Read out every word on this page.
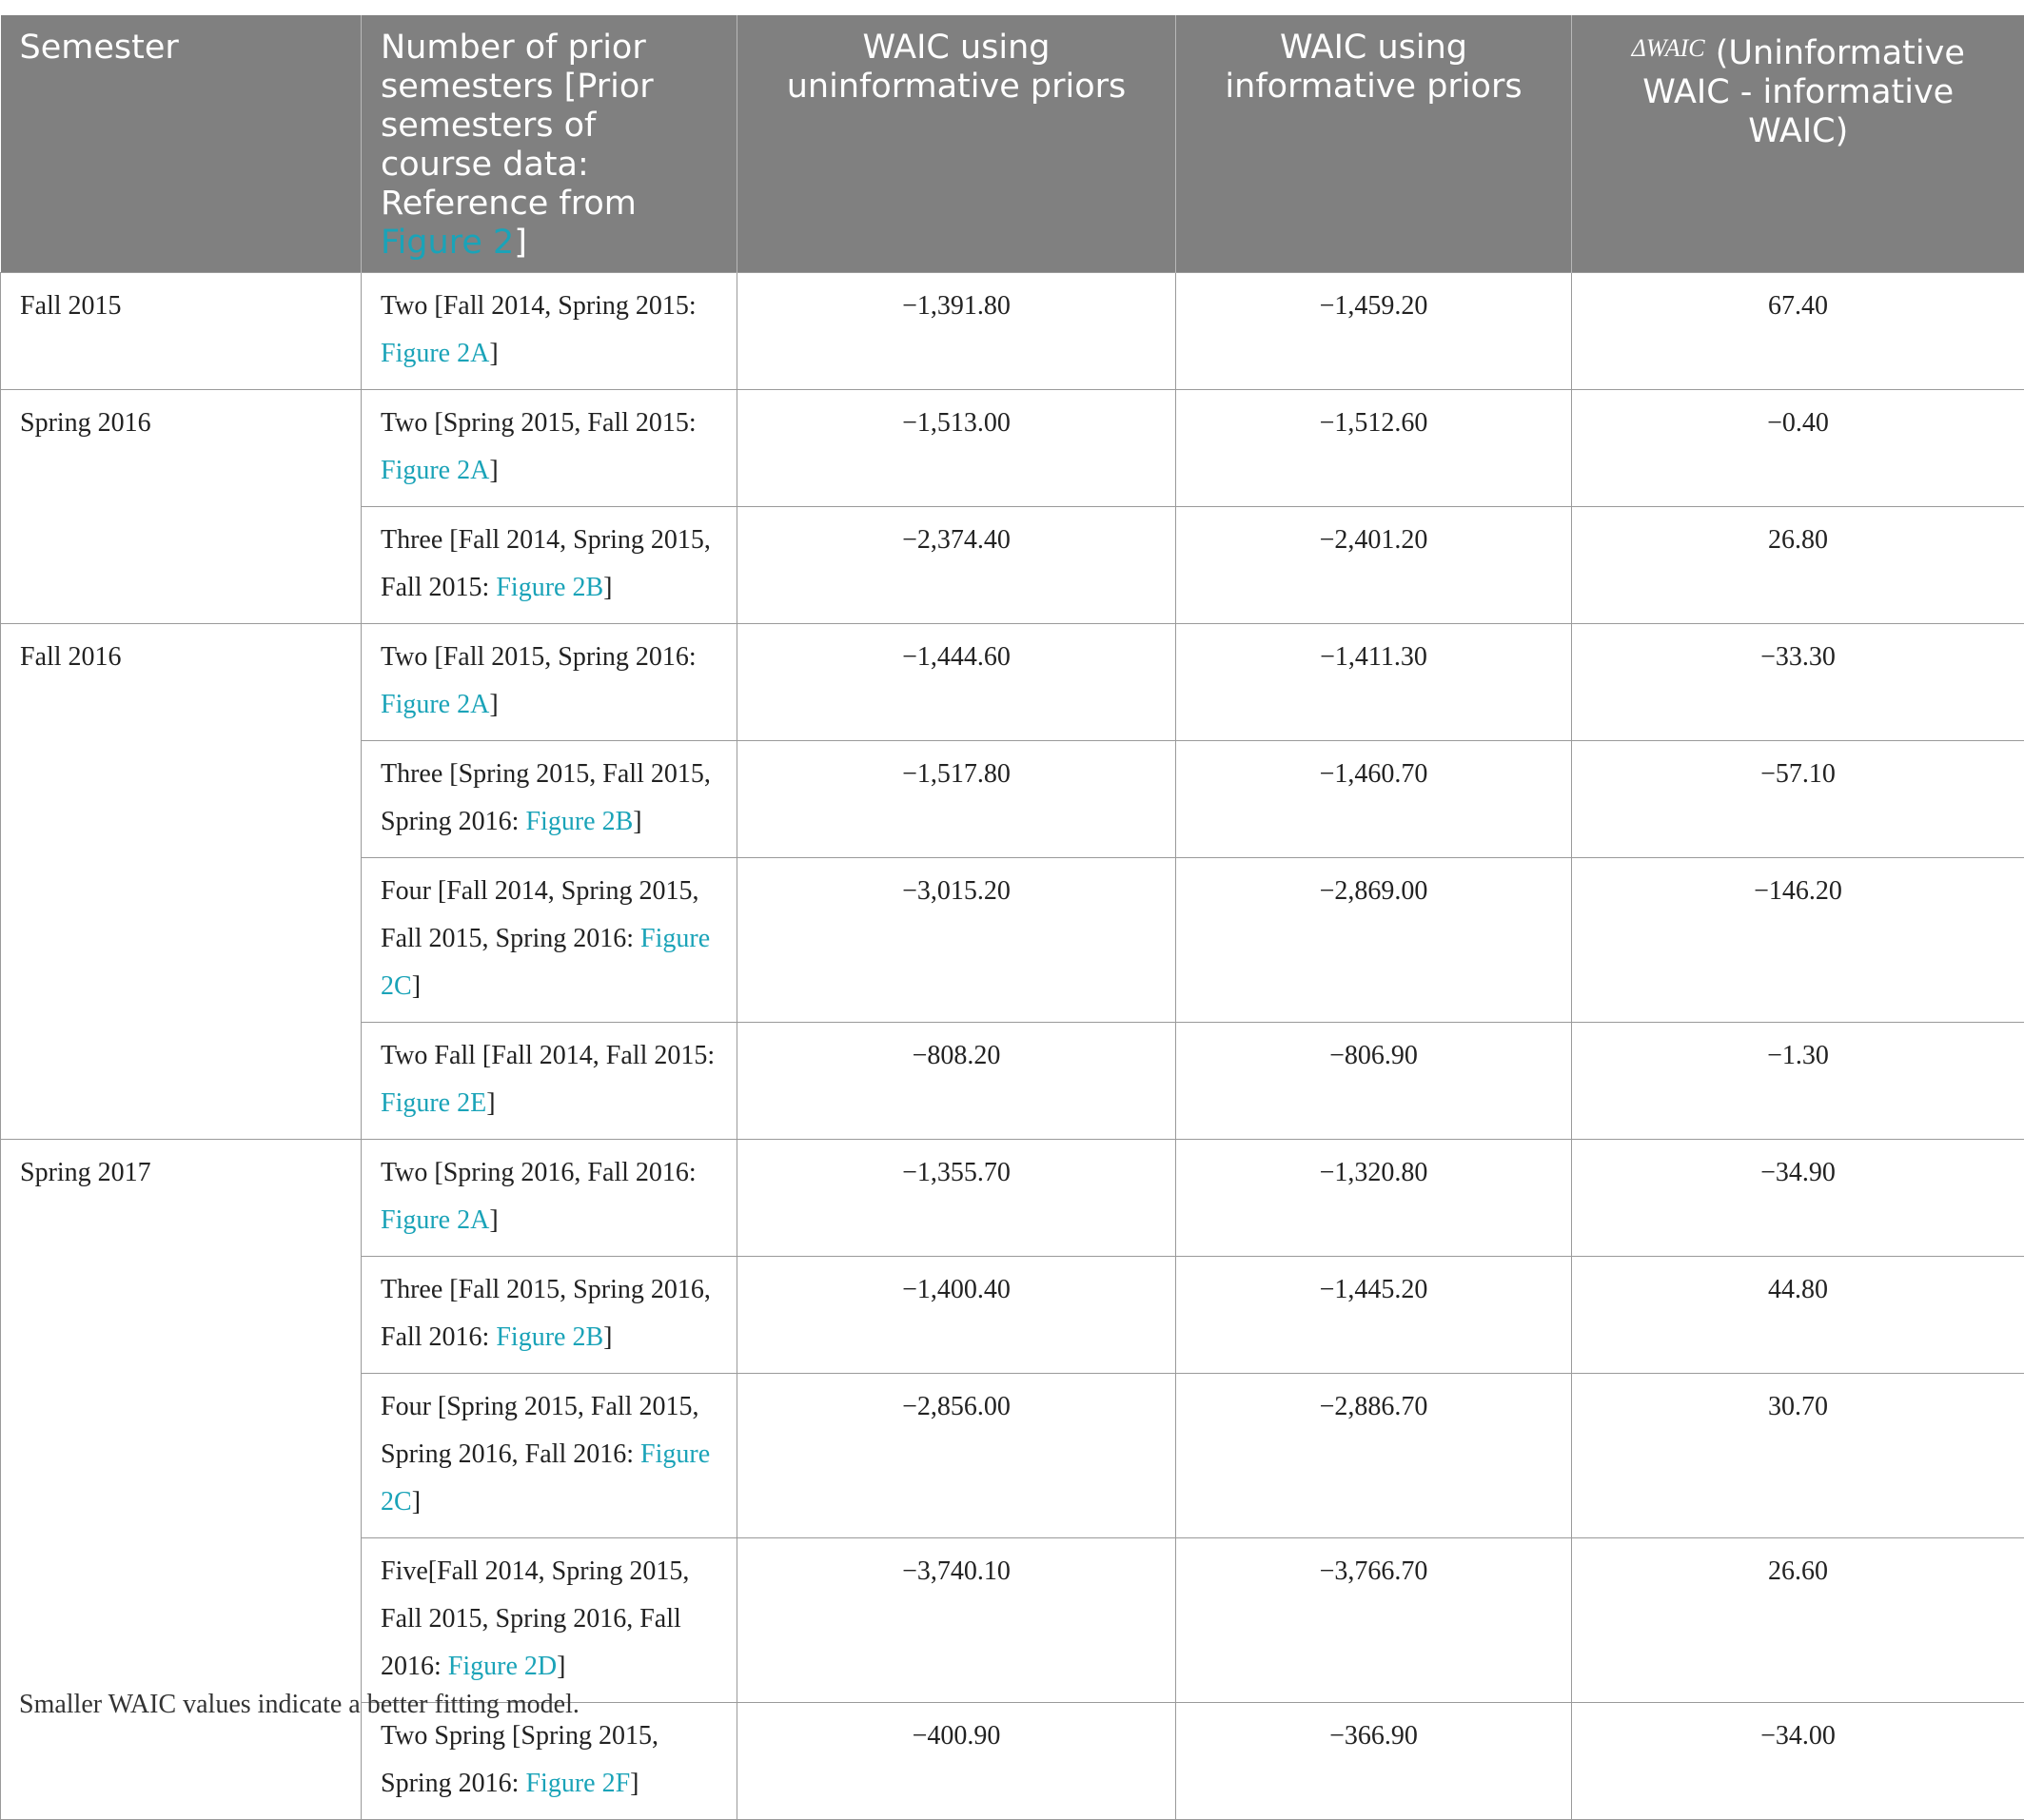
Semester	Number of prior semesters [Prior semesters of course data: Reference from Figure 2]	WAIC using uninformative priors	WAIC using informative priors	$^{\Delta WAIC}$ (Uninformative WAIC - informative WAIC)
Fall 2015	Two [Fall 2014, Spring 2015: Figure 2A]	−1,391.80	−1,459.20	67.40
Spring 2016	Two [Spring 2015, Fall 2015: Figure 2A]	−1,513.00	−1,512.60	−0.40
	Three [Fall 2014, Spring 2015, Fall 2015: Figure 2B]	−2,374.40	−2,401.20	26.80
Fall 2016	Two [Fall 2015, Spring 2016: Figure 2A]	−1,444.60	−1,411.30	−33.30
	Three [Spring 2015, Fall 2015, Spring 2016: Figure 2B]	−1,517.80	−1,460.70	−57.10
	Four [Fall 2014, Spring 2015, Fall 2015, Spring 2016: Figure 2C]	−3,015.20	−2,869.00	−146.20
	Two Fall [Fall 2014, Fall 2015: Figure 2E]	−808.20	−806.90	−1.30
Spring 2017	Two [Spring 2016, Fall 2016: Figure 2A]	−1,355.70	−1,320.80	−34.90
	Three [Fall 2015, Spring 2016, Fall 2016: Figure 2B]	−1,400.40	−1,445.20	44.80
	Four [Spring 2015, Fall 2015, Spring 2016, Fall 2016: Figure 2C]	−2,856.00	−2,886.70	30.70
	Five[Fall 2014, Spring 2015, Fall 2015, Spring 2016, Fall 2016: Figure 2D]	−3,740.10	−3,766.70	26.60
	Two Spring [Spring 2015, Spring 2016: Figure 2F]	−400.90	−366.90	−34.00
Smaller WAIC values indicate a better fitting model.
